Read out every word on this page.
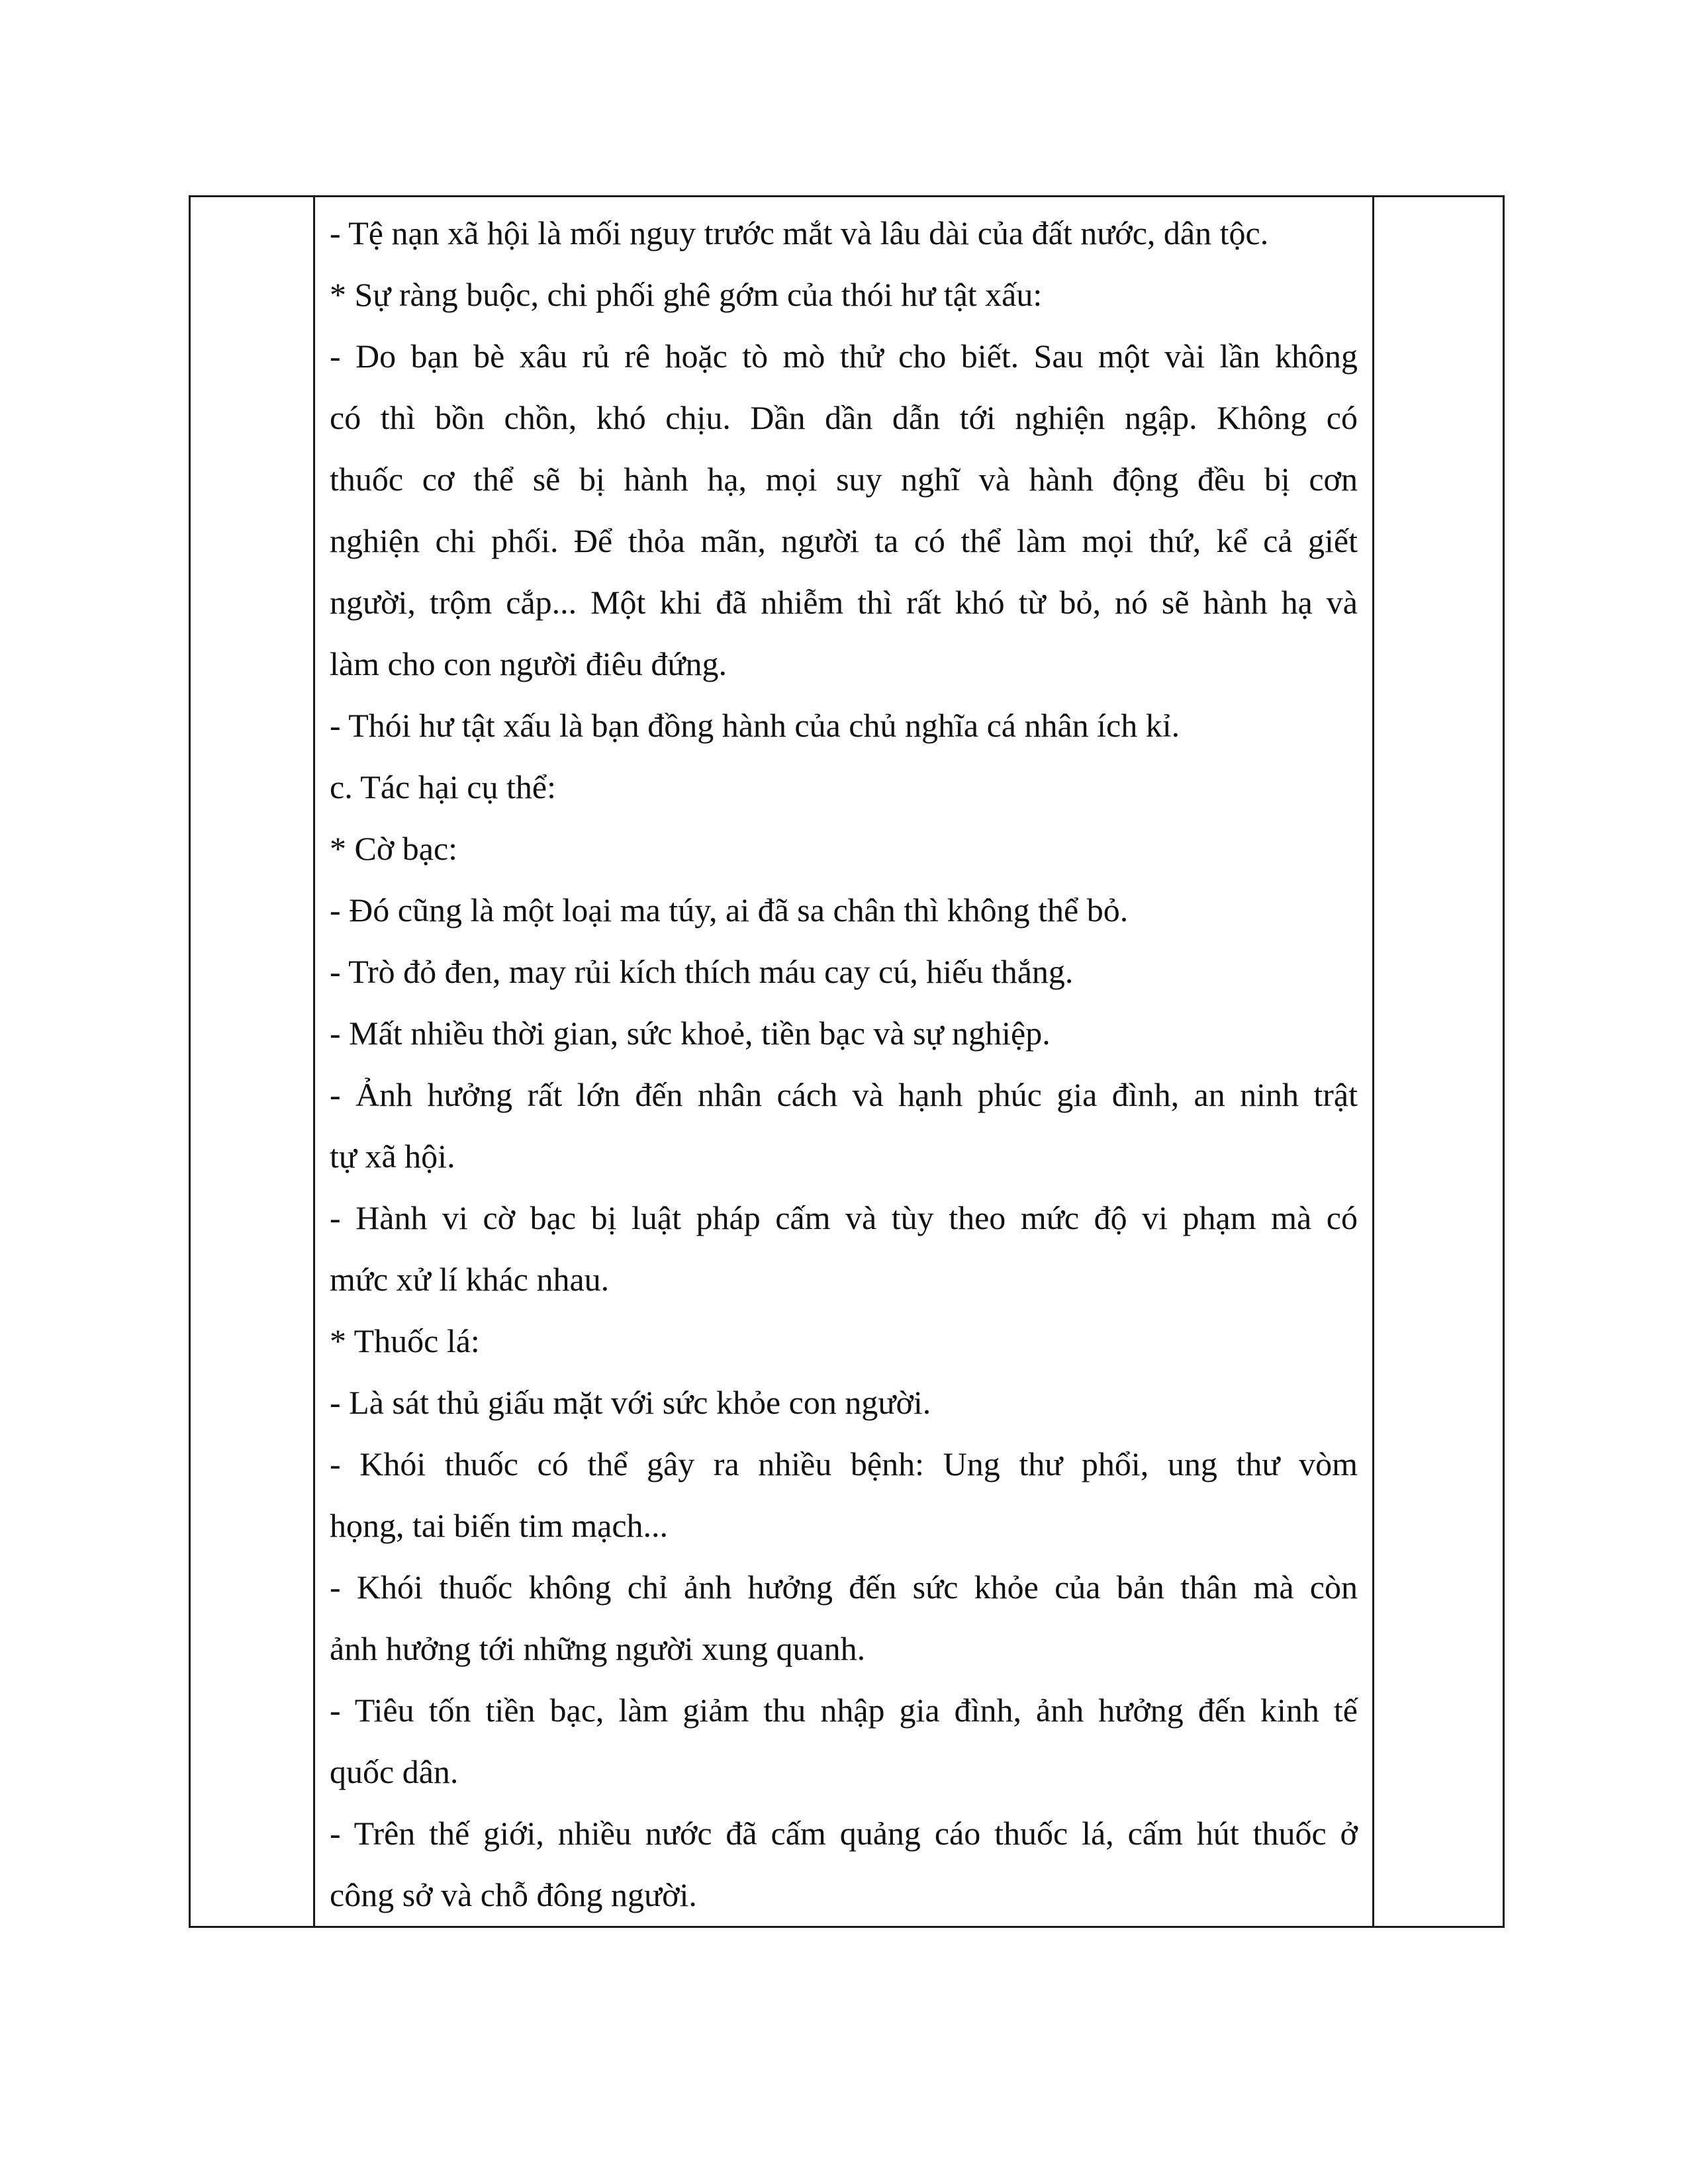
- Tệ nạn xã hội là mối nguy trước mắt và lâu dài của đất nước, dân tộc.

* Sự ràng buộc, chi phối ghê gớm của thói hư tật xấu:

- Do bạn bè xâu rủ rê hoặc tò mò thử cho biết. Sau một vài lần không

có thì bồn chồn, khó chịu. Dần dần dẫn tới nghiện ngập. Không có

thuốc cơ thể sẽ bị hành hạ, mọi suy nghĩ và hành động đều bị cơn

nghiện chi phối. Để thỏa mãn, người ta có thể làm mọi thứ, kể cả giết

người, trộm cắp... Một khi đã nhiễm thì rất khó từ bỏ, nó sẽ hành hạ và

làm cho con người điêu đứng.

- Thói hư tật xấu là bạn đồng hành của chủ nghĩa cá nhân ích kỉ.

c. Tác hại cụ thể:

* Cờ bạc:

- Đó cũng là một loại ma túy, ai đã sa chân thì không thể bỏ.

- Trò đỏ đen, may rủi kích thích máu cay cú, hiếu thắng.

- Mất nhiều thời gian, sức khoẻ, tiền bạc và sự nghiệp.

- Ảnh hưởng rất lớn đến nhân cách và hạnh phúc gia đình, an ninh trật

tự xã hội.

- Hành vi cờ bạc bị luật pháp cấm và tùy theo mức độ vi phạm mà có

mức xử lí khác nhau.

* Thuốc lá:

- Là sát thủ giấu mặt với sức khỏe con người.

- Khói thuốc có thể gây ra nhiều bệnh: Ung thư phổi, ung thư vòm

họng, tai biến tim mạch...

- Khói thuốc không chỉ ảnh hưởng đến sức khỏe của bản thân mà còn

ảnh hưởng tới những người xung quanh.

- Tiêu tốn tiền bạc, làm giảm thu nhập gia đình, ảnh hưởng đến kinh tế

quốc dân.

- Trên thế giới, nhiều nước đã cấm quảng cáo thuốc lá, cấm hút thuốc ở

công sở và chỗ đông người.
